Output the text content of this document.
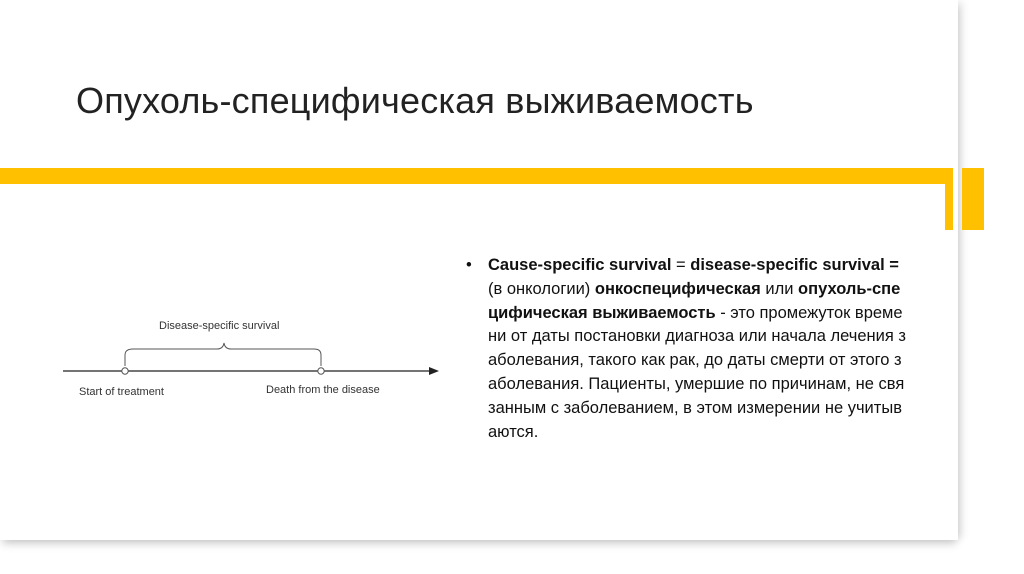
Опухоль-специфическая выживаемость
Disease-specific survival
Start of treatment	Death from the disease
• Cause-specific survival = disease-specific survival = (в онкологии) онкоспецифическая или опухоль-специфическая выживаемость - это промежуток времени от даты постановки диагноза или начала лечения заболевания, такого как рак, до даты смерти от этого заболевания. Пациенты, умершие по причинам, не связанным с заболеванием, в этом измерении не учитываются.
